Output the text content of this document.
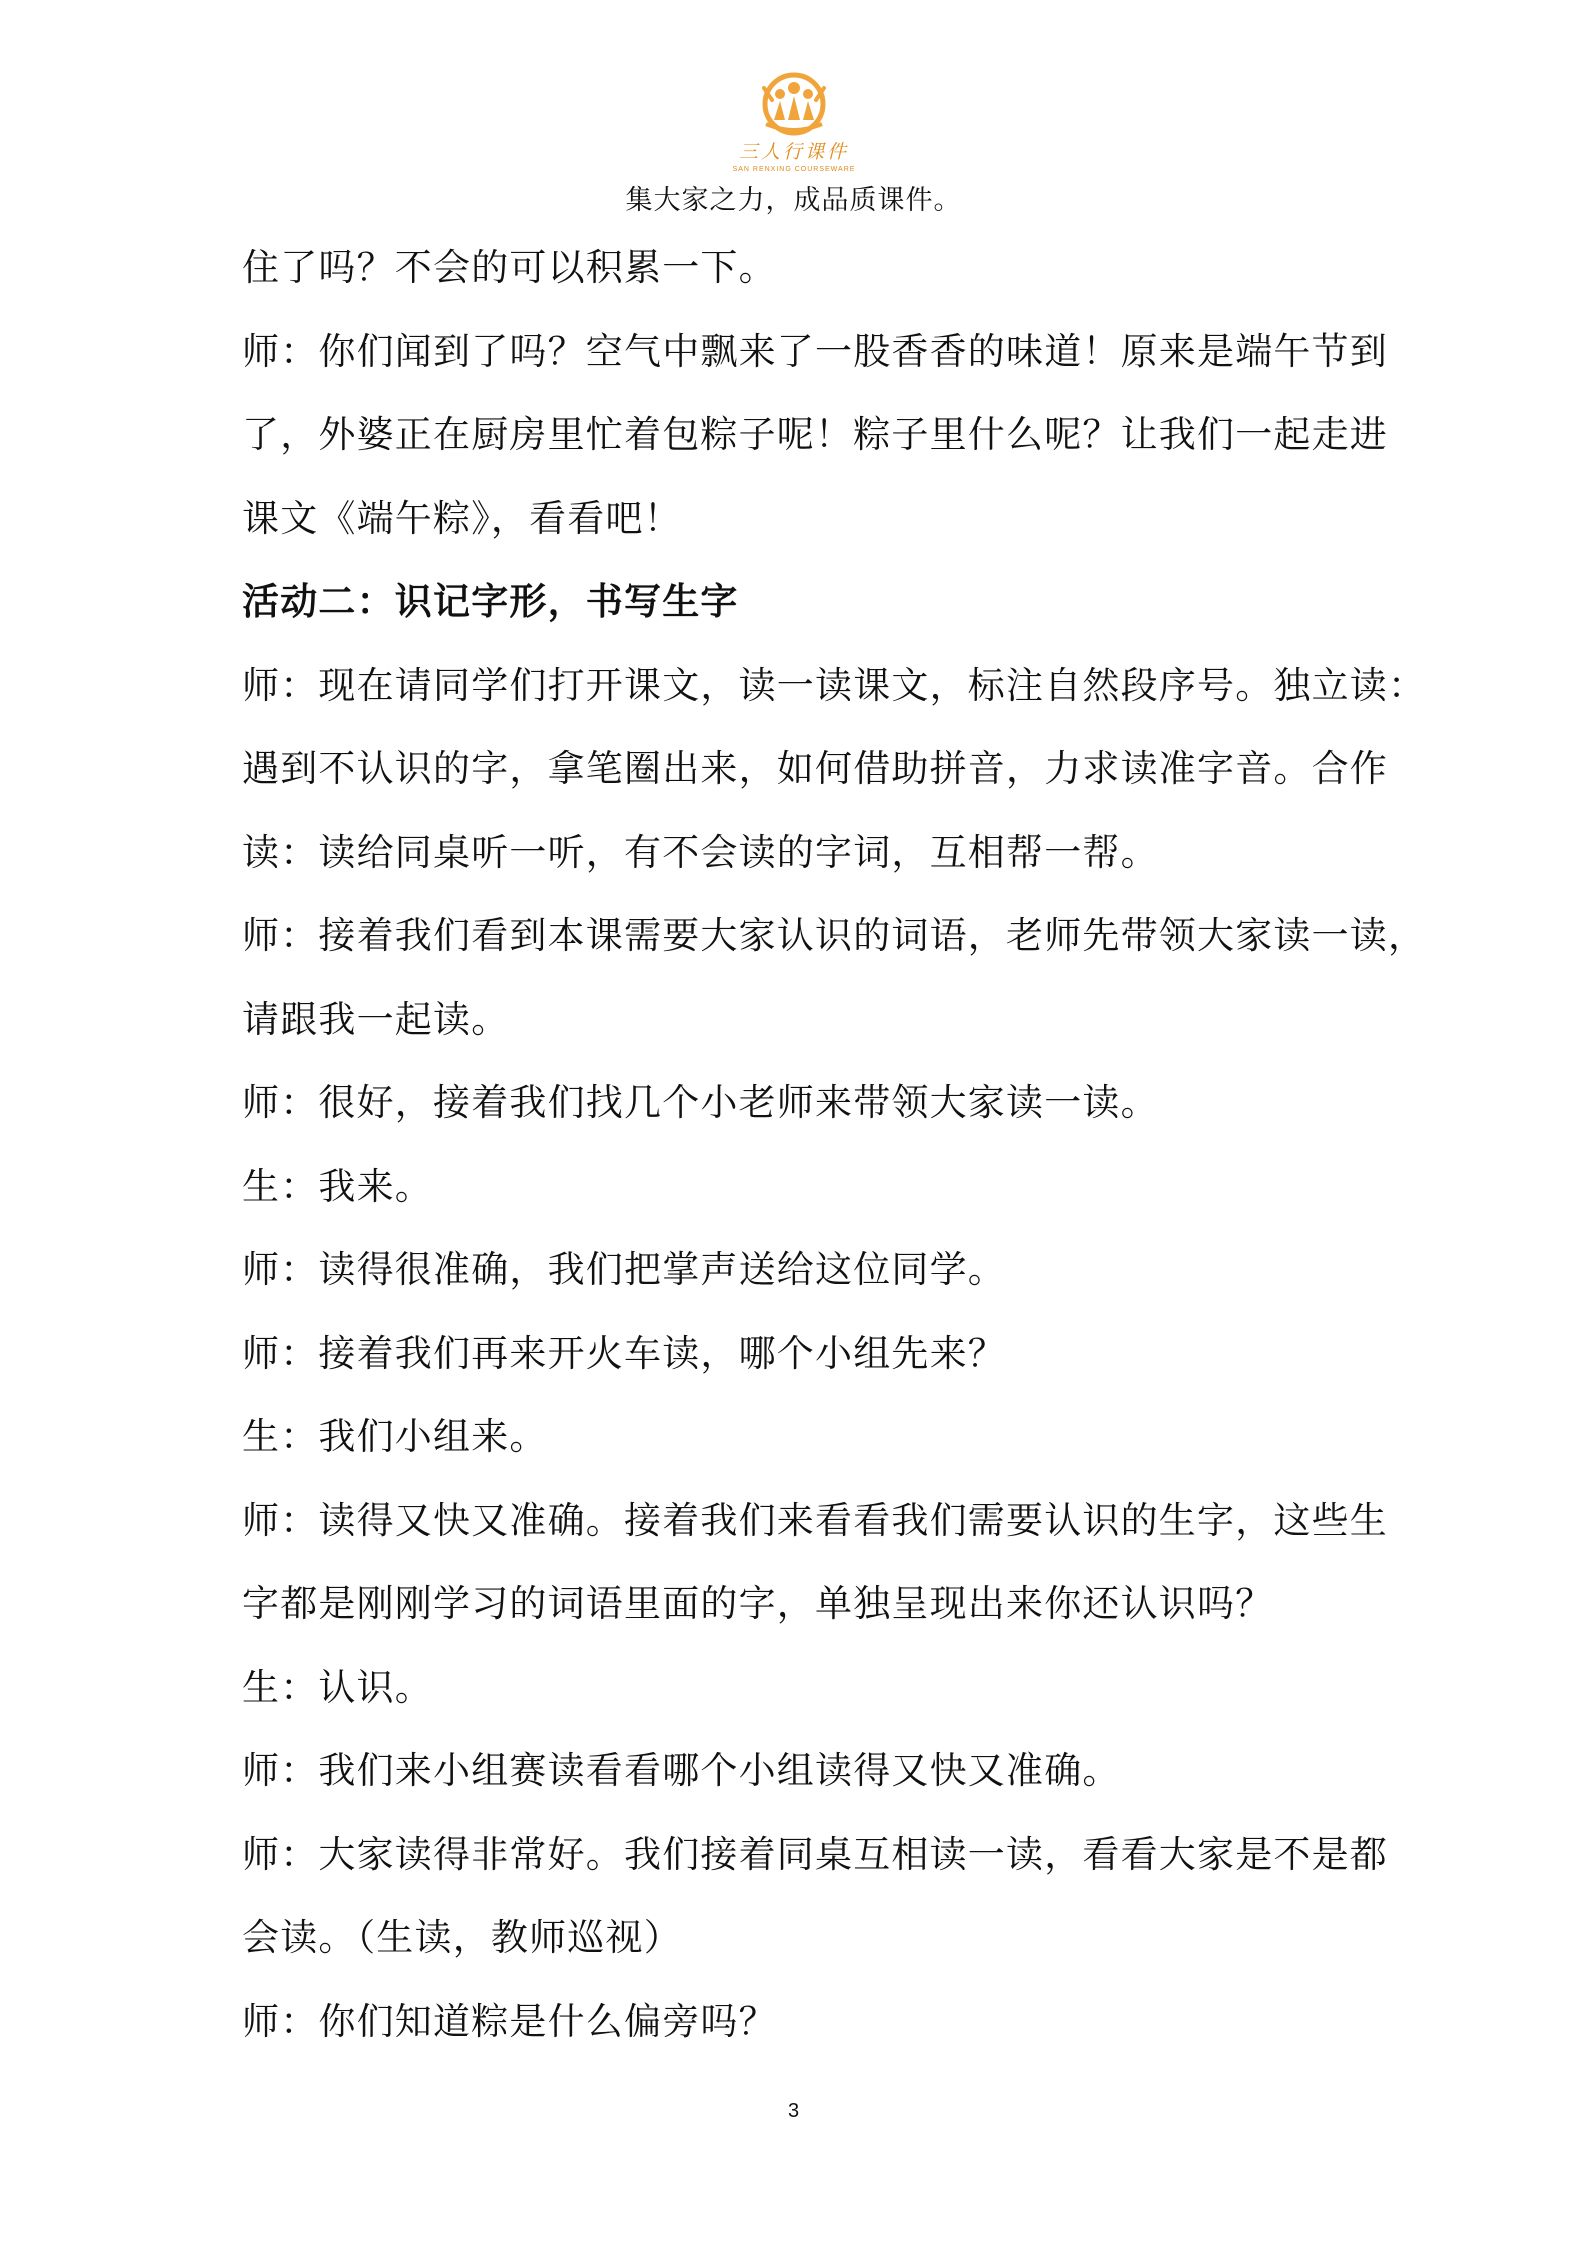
三人行课件
SAN RENXING COURSEWARE
集大家之力，成品质课件。
住了吗？不会的可以积累一下。
师：你们闻到了吗？空气中飘来了一股香香的味道！原来是端午节到
了，外婆正在厨房里忙着包粽子呢！粽子里什么呢？让我们一起走进
课文《端午粽》，看看吧！
活动二：识记字形，书写生字
师：现在请同学们打开课文，读一读课文，标注自然段序号。独立读：
遇到不认识的字，拿笔圈出来，如何借助拼音，力求读准字音。合作
读：读给同桌听一听，有不会读的字词，互相帮一帮。
师：接着我们看到本课需要大家认识的词语，老师先带领大家读一读，
请跟我一起读。
师：很好，接着我们找几个小老师来带领大家读一读。
生：我来。
师：读得很准确，我们把掌声送给这位同学。
师：接着我们再来开火车读，哪个小组先来？
生：我们小组来。
师：读得又快又准确。接着我们来看看我们需要认识的生字，这些生
字都是刚刚学习的词语里面的字，单独呈现出来你还认识吗？
生：认识。
师：我们来小组赛读看看哪个小组读得又快又准确。
师：大家读得非常好。我们接着同桌互相读一读，看看大家是不是都
会读。（生读，教师巡视）
师：你们知道粽是什么偏旁吗？
3
